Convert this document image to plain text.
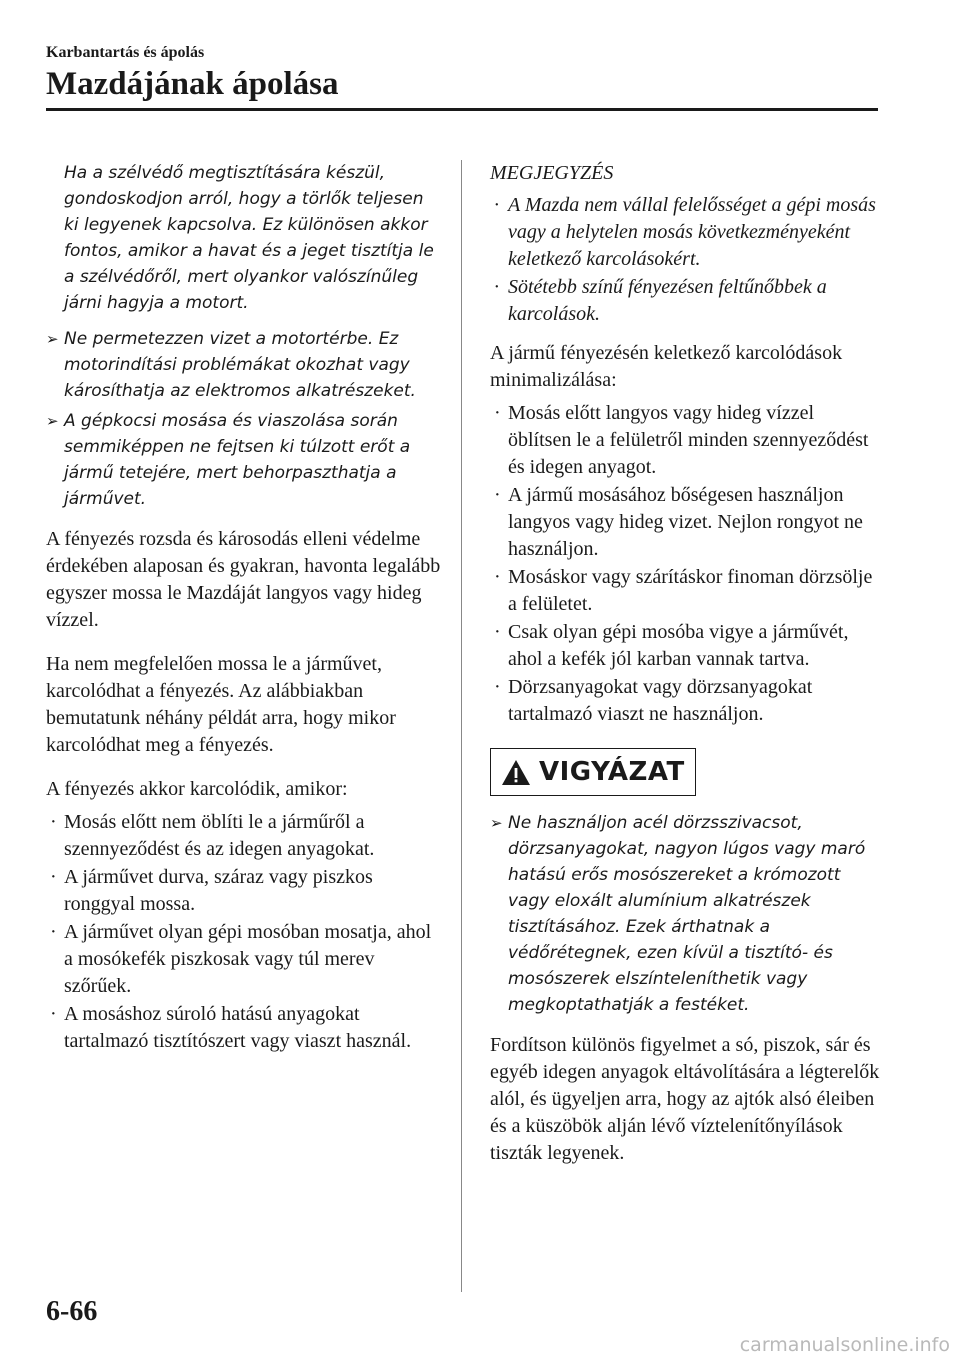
Karbantartás és ápolás
Mazdájának ápolása

Ha a szélvédő megtisztítására készül, gondoskodjon arról, hogy a törlők teljesen ki legyenek kapcsolva. Ez különösen akkor fontos, amikor a havat és a jeget tisztítja le a szélvédőről, mert olyankor valószínűleg járni hagyja a motort.

➢ Ne permetezzen vizet a motortérbe. Ez motorindítási problémákat okozhat vagy károsíthatja az elektromos alkatrészeket.
➢ A gépkocsi mosása és viaszolása során semmiképpen ne fejtsen ki túlzott erőt a jármű tetejére, mert behorpaszthatja a járművet.

A fényezés rozsda és károsodás elleni védelme érdekében alaposan és gyakran, havonta legalább egyszer mossa le Mazdáját langyos vagy hideg vízzel.

Ha nem megfelelően mossa le a járművet, karcolódhat a fényezés. Az alábbiakban bemutatunk néhány példát arra, hogy mikor karcolódhat meg a fényezés.

A fényezés akkor karcolódik, amikor:

· Mosás előtt nem öblíti le a járműről a szennyeződést és az idegen anyagokat.
· A járművet durva, száraz vagy piszkos ronggyal mossa.
· A járművet olyan gépi mosóban mosatja, ahol a mosókefék piszkosak vagy túl merev szőrűek.
· A mosáshoz súroló hatású anyagokat tartalmazó tisztítószert vagy viaszt használ.

MEGJEGYZÉS

· A Mazda nem vállal felelősséget a gépi mosás vagy a helytelen mosás következményeként keletkező karcolásokért.
· Sötétebb színű fényezésen feltűnőbbek a karcolások.

A jármű fényezésén keletkező karcolódások minimalizálása:

· Mosás előtt langyos vagy hideg vízzel öblítsen le a felületről minden szennyeződést és idegen anyagot.
· A jármű mosásához bőségesen használjon langyos vagy hideg vizet. Nejlon rongyot ne használjon.
· Mosáskor vagy szárításkor finoman dörzsölje a felületet.
· Csak olyan gépi mosóba vigye a járművét, ahol a kefék jól karban vannak tartva.
· Dörzsanyagokat vagy dörzsanyagokat tartalmazó viaszt ne használjon.
VIGYÁZAT
➢ Ne használjon acél dörzsszivacsot, dörzsanyagokat, nagyon lúgos vagy maró hatású erős mosószereket a krómozott vagy eloxált alumínium alkatrészek tisztításához. Ezek árthatnak a védőrétegnek, ezen kívül a tisztító- és mosószerek elszínteleníthetik vagy megkoptathatják a festéket.

Fordítson különös figyelmet a só, piszok, sár és egyéb idegen anyagok eltávolítására a légterelők alól, és ügyeljen arra, hogy az ajtók alsó éleiben és a küszöbök alján lévő víztelenítőnyílások tiszták legyenek.

6-66
carmanualsonline.info
